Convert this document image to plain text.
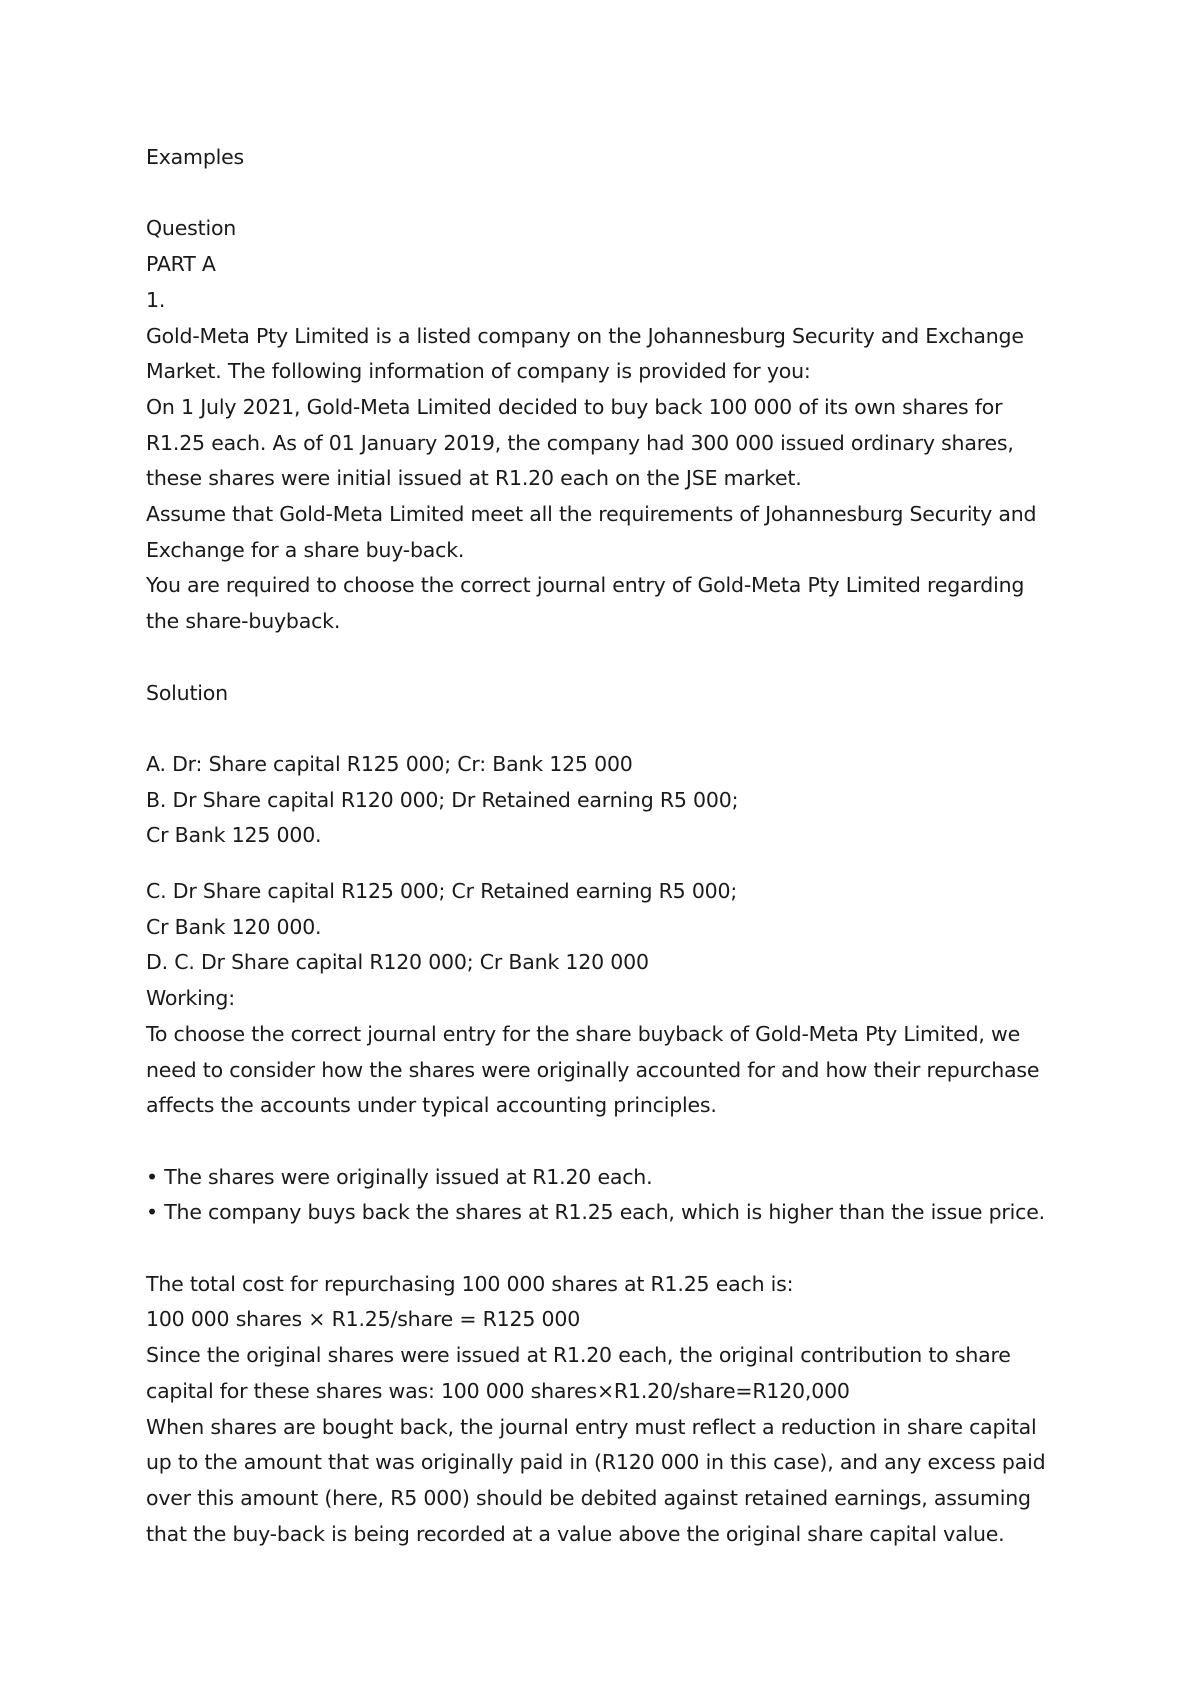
Examples
Question
PART A
1.
Gold-Meta Pty Limited is a listed company on the Johannesburg Security and Exchange
Market. The following information of company is provided for you:
On 1 July 2021, Gold-Meta Limited decided to buy back 100 000 of its own shares for
R1.25 each. As of 01 January 2019, the company had 300 000 issued ordinary shares,
these shares were initial issued at R1.20 each on the JSE market.
Assume that Gold-Meta Limited meet all the requirements of Johannesburg Security and
Exchange for a share buy-back.
You are required to choose the correct journal entry of Gold-Meta Pty Limited regarding
the share-buyback.
Solution
A. Dr: Share capital R125 000; Cr: Bank 125 000
B. Dr Share capital R120 000; Dr Retained earning R5 000;
Cr Bank 125 000.
C. Dr Share capital R125 000; Cr Retained earning R5 000;
Cr Bank 120 000.
D. C. Dr Share capital R120 000; Cr Bank 120 000
Working:
To choose the correct journal entry for the share buyback of Gold-Meta Pty Limited, we
need to consider how the shares were originally accounted for and how their repurchase
affects the accounts under typical accounting principles.
• The shares were originally issued at R1.20 each.
• The company buys back the shares at R1.25 each, which is higher than the issue price.
The total cost for repurchasing 100 000 shares at R1.25 each is:
100 000 shares × R1.25/share = R125 000
Since the original shares were issued at R1.20 each, the original contribution to share
capital for these shares was: 100 000 shares×R1.20/share=R120,000
When shares are bought back, the journal entry must reflect a reduction in share capital
up to the amount that was originally paid in (R120 000 in this case), and any excess paid
over this amount (here, R5 000) should be debited against retained earnings, assuming
that the buy-back is being recorded at a value above the original share capital value.
